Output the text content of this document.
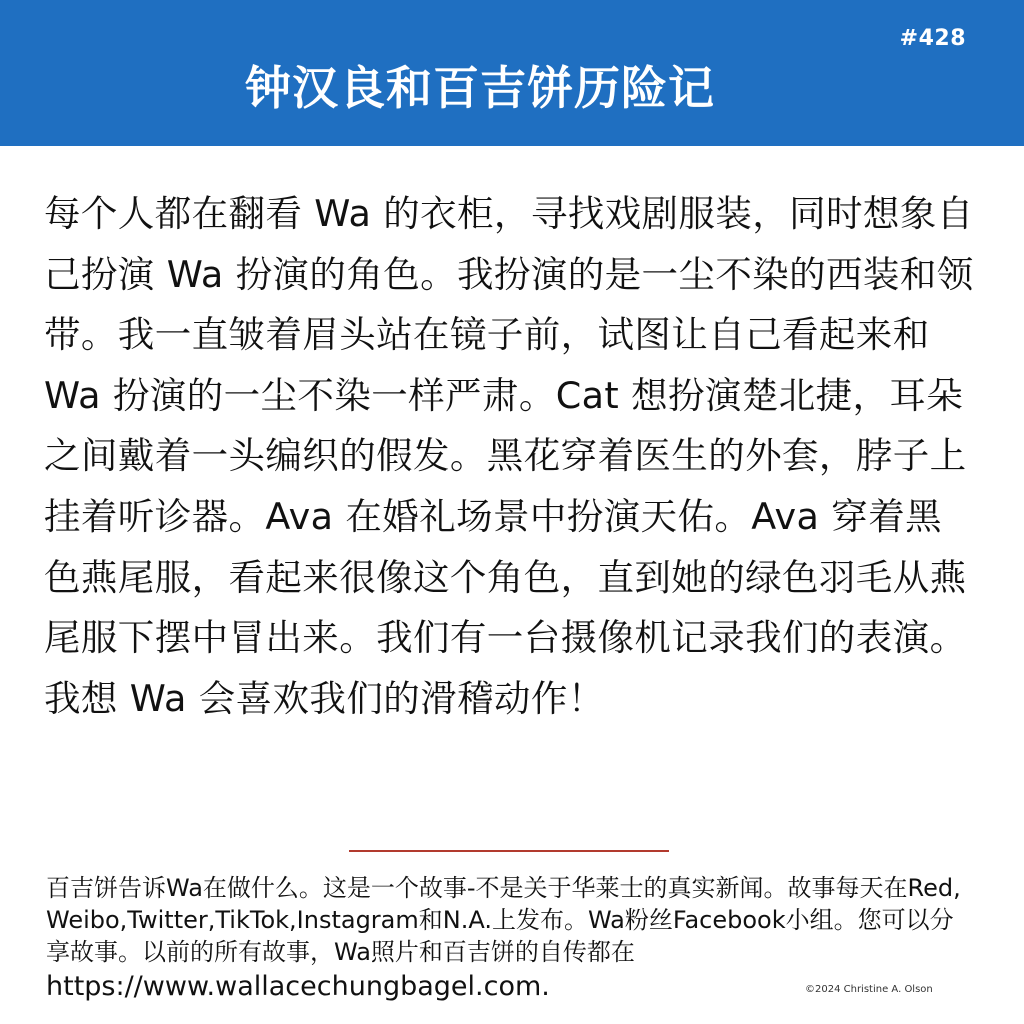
#428
钟汉良和百吉饼历险记

每个人都在翻看 Wa 的衣柜，寻找戏剧服装，同时想象自己扮演 Wa 扮演的角色。我扮演的是一尘不染的西装和领带。我一直皱着眉头站在镜子前，试图让自己看起来和 Wa 扮演的一尘不染一样严肃。Cat 想扮演楚北捷，耳朵之间戴着一头编织的假发。黑花穿着医生的外套，脖子上挂着听诊器。Ava 在婚礼场景中扮演天佑。Ava 穿着黑色燕尾服，看起来很像这个角色，直到她的绿色羽毛从燕尾服下摆中冒出来。我们有一台摄像机记录我们的表演。我想 Wa 会喜欢我们的滑稽动作！

百吉饼告诉Wa在做什么。这是一个故事-不是关于华莱士的真实新闻。故事每天在Red,Weibo,Twitter,TikTok,Instagram和N.A.上发布。Wa粉丝Facebook小组。您可以分享故事。以前的所有故事，Wa照片和百吉饼的自传都在
https://www.wallacechungbagel.com.	©2024 Christine A. Olson
